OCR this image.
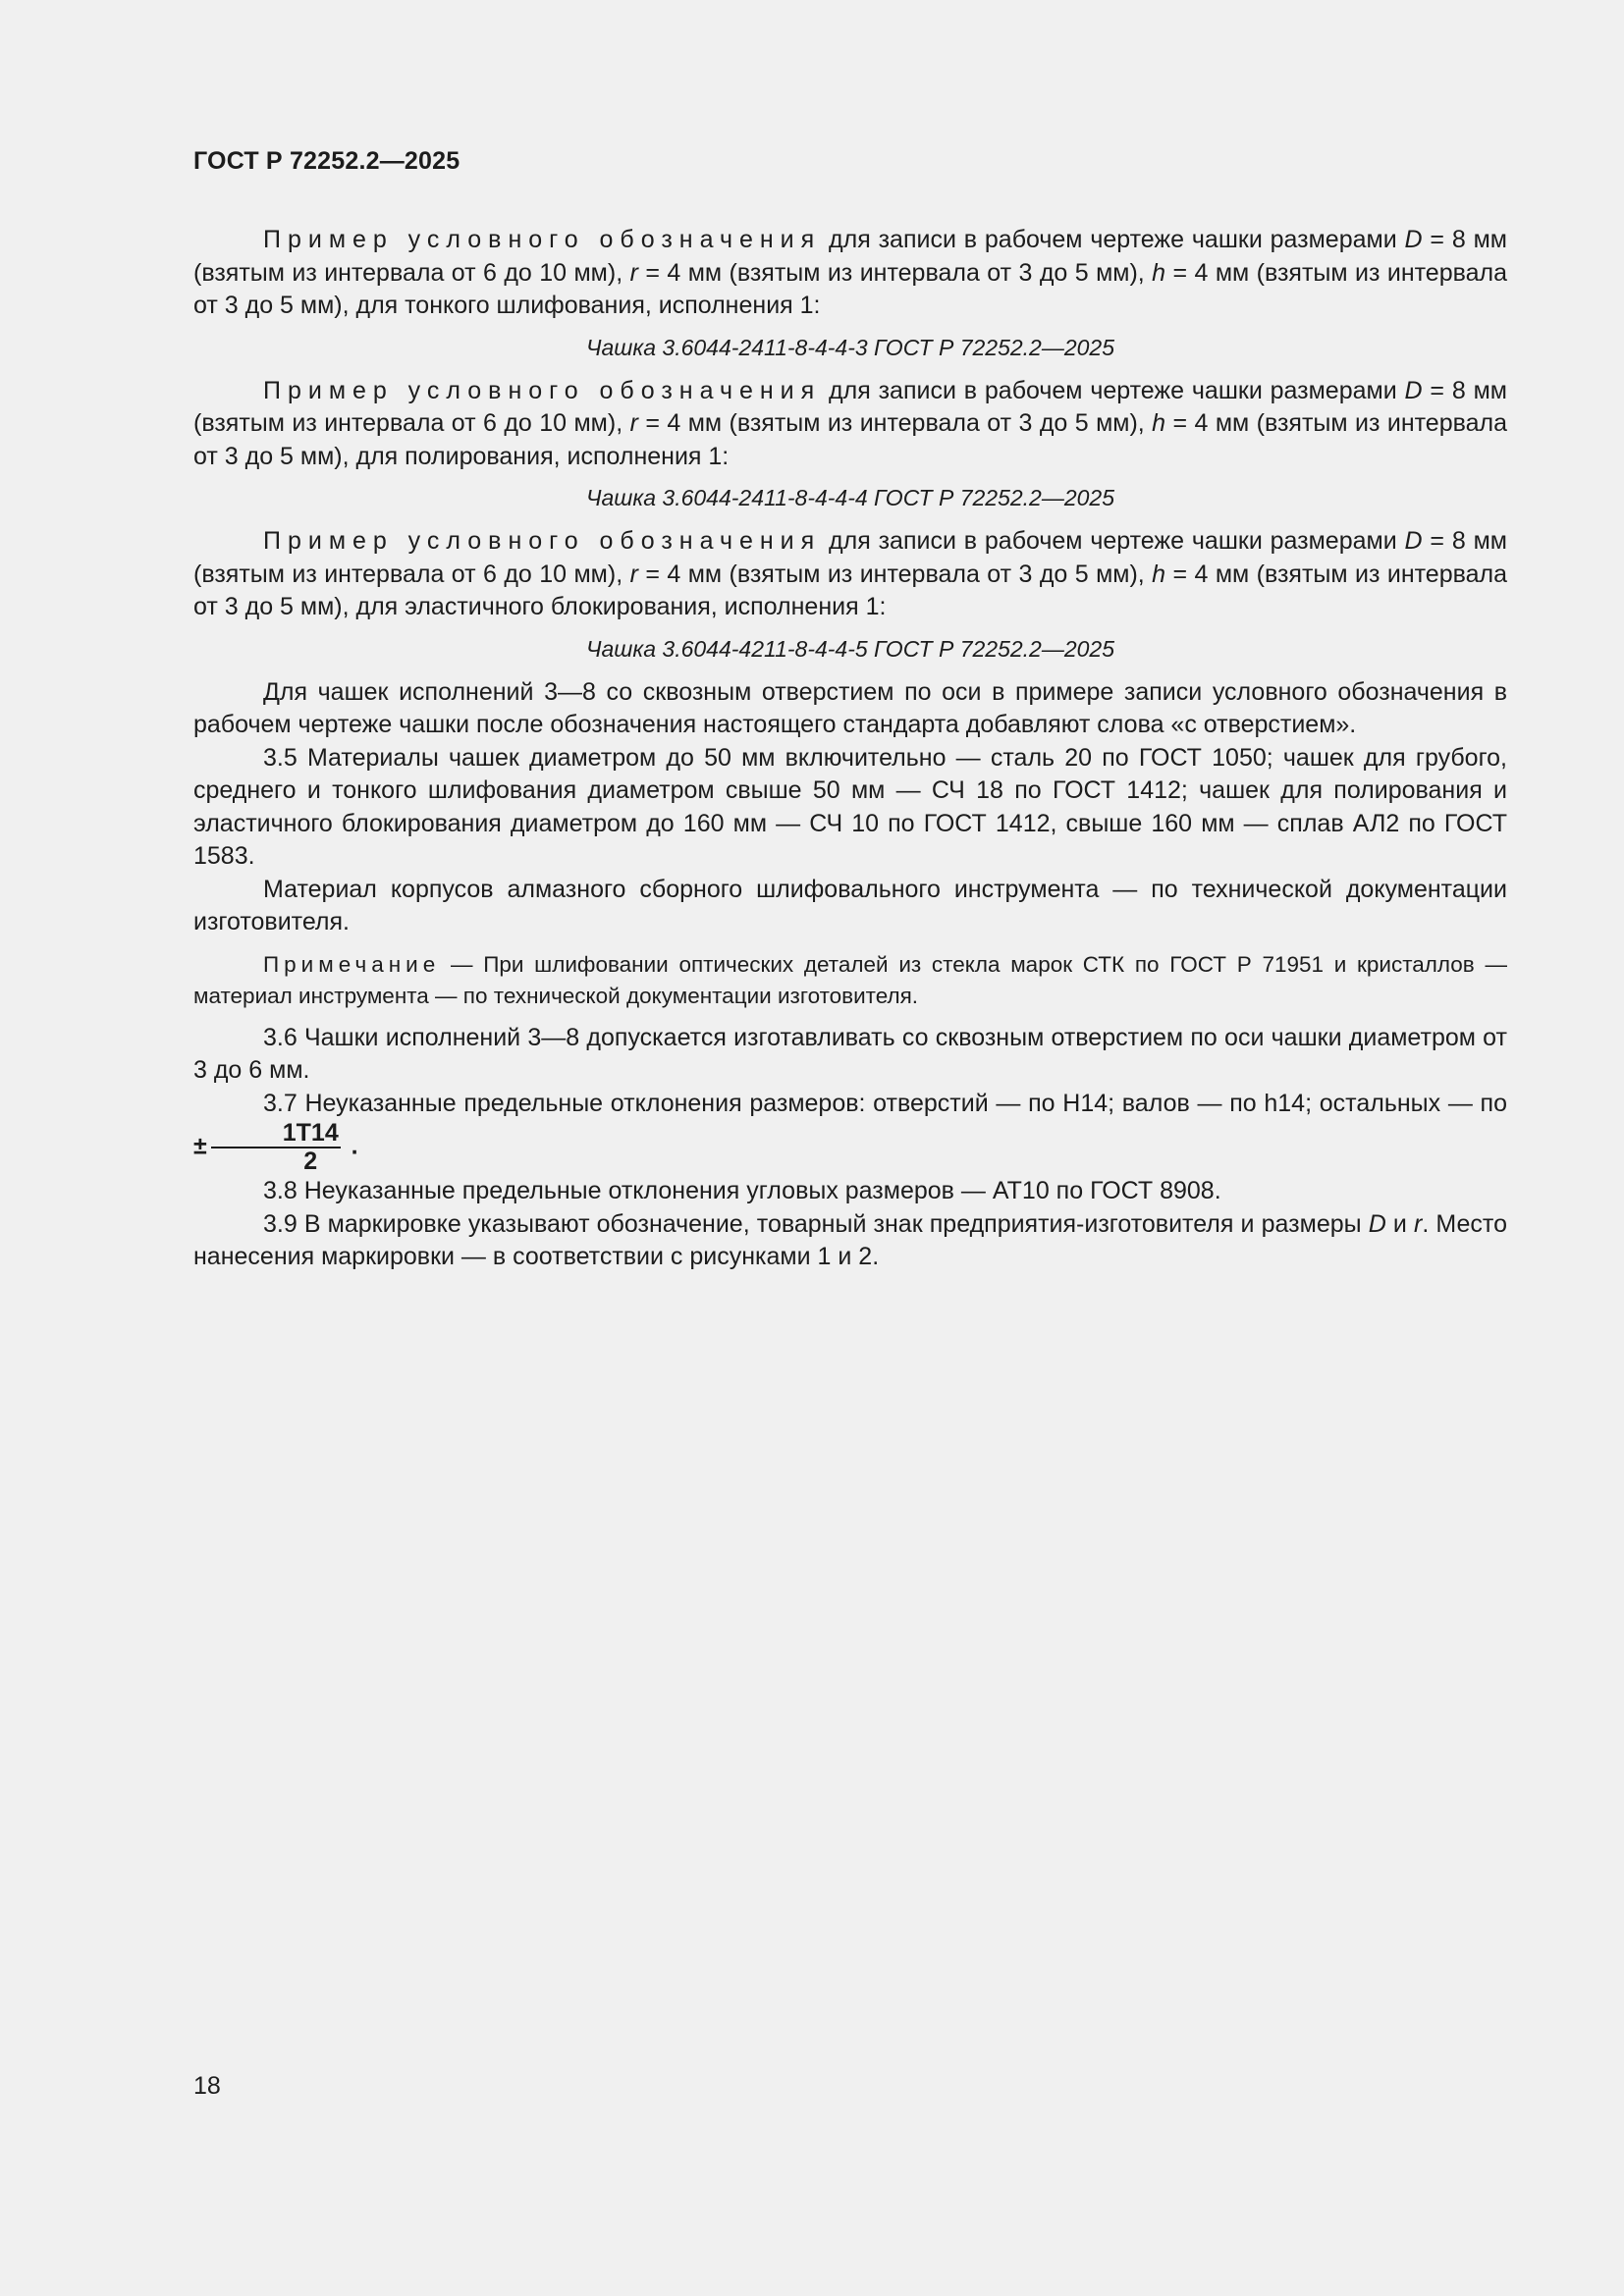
ГОСТ Р 72252.2—2025

Пример условного обозначения для записи в рабочем чертеже чашки размерами D = 8 мм (взятым из интервала от 6 до 10 мм), r = 4 мм (взятым из интервала от 3 до 5 мм), h = 4 мм (взятым из интервала от 3 до 5 мм), для тонкого шлифования, исполнения 1:

Чашка 3.6044-2411-8-4-4-3 ГОСТ Р 72252.2—2025

Пример условного обозначения для записи в рабочем чертеже чашки размерами D = 8 мм (взятым из интервала от 6 до 10 мм), r = 4 мм (взятым из интервала от 3 до 5 мм), h = 4 мм (взятым из интервала от 3 до 5 мм), для полирования, исполнения 1:

Чашка 3.6044-2411-8-4-4-4 ГОСТ Р 72252.2—2025

Пример условного обозначения для записи в рабочем чертеже чашки размерами D = 8 мм (взятым из интервала от 6 до 10 мм), r = 4 мм (взятым из интервала от 3 до 5 мм), h = 4 мм (взятым из интервала от 3 до 5 мм), для эластичного блокирования, исполнения 1:

Чашка 3.6044-4211-8-4-4-5 ГОСТ Р 72252.2—2025

Для чашек исполнений 3—8 со сквозным отверстием по оси в примере записи условного обозначения в рабочем чертеже чашки после обозначения настоящего стандарта добавляют слова «с отверстием».

3.5 Материалы чашек диаметром до 50 мм включительно — сталь 20 по ГОСТ 1050; чашек для грубого, среднего и тонкого шлифования диаметром свыше 50 мм — СЧ 18 по ГОСТ 1412; чашек для полирования и эластичного блокирования диаметром до 160 мм — СЧ 10 по ГОСТ 1412, свыше 160 мм — сплав АЛ2 по ГОСТ 1583.

Материал корпусов алмазного сборного шлифовального инструмента — по технической документации изготовителя.

Примечание — При шлифовании оптических деталей из стекла марок СТК по ГОСТ Р 71951 и кристаллов — материал инструмента — по технической документации изготовителя.

3.6 Чашки исполнений 3—8 допускается изготавливать со сквозным отверстием по оси чашки диаметром от 3 до 6 мм.

3.7 Неуказанные предельные отклонения размеров: отверстий — по H14; валов — по h14; остальных — по ± $\frac{1T14}{2}$ .

3.8 Неуказанные предельные отклонения угловых размеров — AT10 по ГОСТ 8908.

3.9 В маркировке указывают обозначение, товарный знак предприятия-изготовителя и размеры D и r. Место нанесения маркировки — в соответствии с рисунками 1 и 2.

18
